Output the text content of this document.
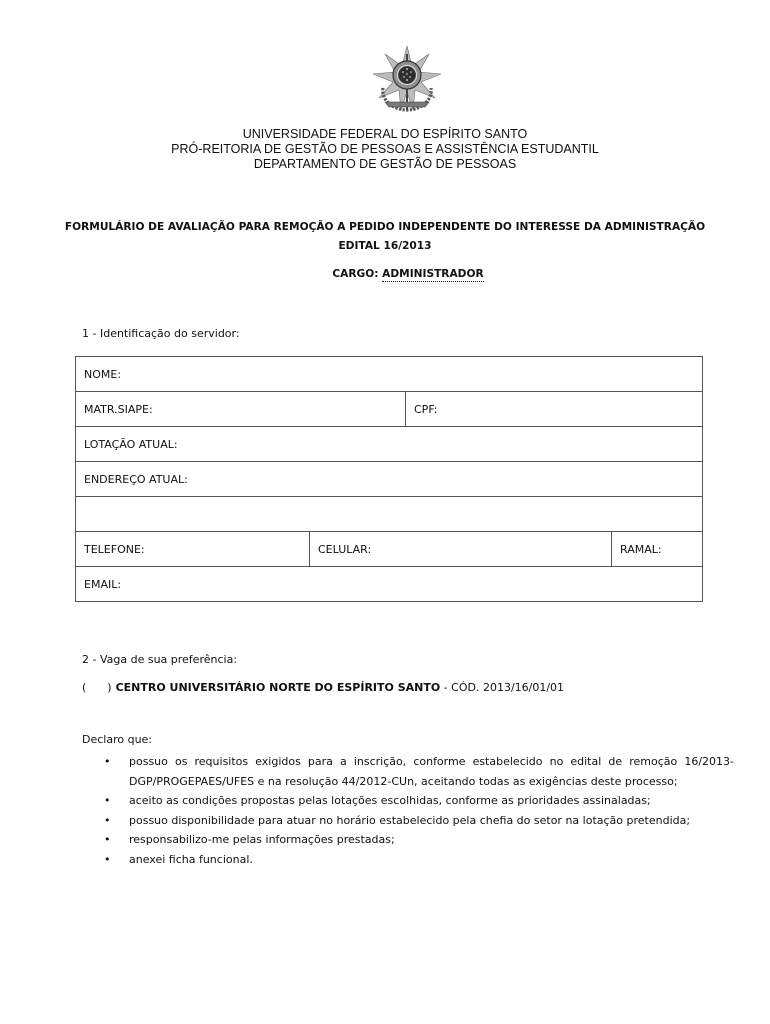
UNIVERSIDADE FEDERAL DO ESPÍRITO SANTO
PRÓ-REITORIA DE GESTÃO DE PESSOAS E ASSISTÊNCIA ESTUDANTIL
DEPARTAMENTO DE GESTÃO DE PESSOAS
FORMULÁRIO DE AVALIAÇÃO PARA REMOÇÃO A PEDIDO INDEPENDENTE DO INTERESSE DA ADMINISTRAÇÃO
EDITAL 16/2013
CARGO: ADMINISTRADOR
1 - Identificação do servidor:
NOME:			
MATR.SIAPE:		CPF:	
LOTAÇÃO ATUAL:			
ENDEREÇO ATUAL:			

TELEFONE:	CELULAR:		RAMAL:
EMAIL:			
2 - Vaga de sua preferência:
(      ) CENTRO UNIVERSITÁRIO NORTE DO ESPÍRITO SANTO - CÓD. 2013/16/01/01
Declaro que:
• possuo os requisitos exigidos para a inscrição, conforme estabelecido no edital de remoção 16/2013-DGP/PROGEPAES/UFES e na resolução 44/2012-CUn, aceitando todas as exigências deste processo;
• aceito as condições propostas pelas lotações escolhidas, conforme as prioridades assinaladas;
• possuo disponibilidade para atuar no horário estabelecido pela chefia do setor na lotação pretendida;
• responsabilizo-me pelas informações prestadas;
• anexei ficha funcional.
